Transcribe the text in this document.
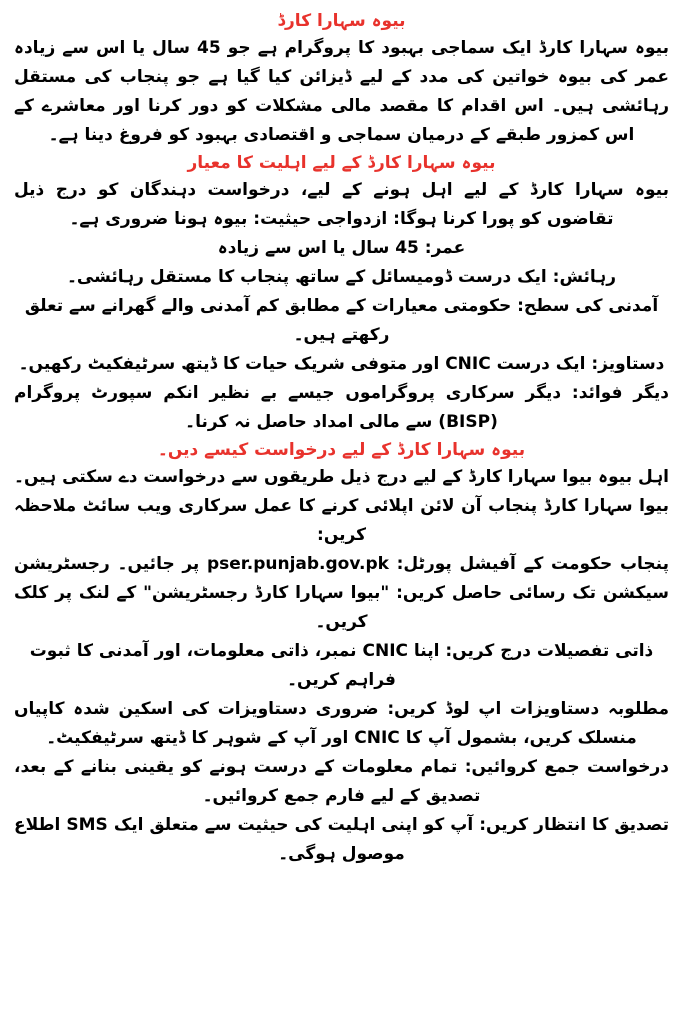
بیوہ سہارا کارڈ

بیوہ سہارا کارڈ ایک سماجی بہبود کا پروگرام ہے جو 45 سال یا اس سے زیادہ عمر کی بیوہ خواتین کی مدد کے لیے ڈیزائن کیا گیا ہے جو پنجاب کی مستقل رہائشی ہیں۔ اس اقدام کا مقصد مالی مشکلات کو دور کرنا اور معاشرے کے اس کمزور طبقے کے درمیان سماجی و اقتصادی بہبود کو فروغ دینا ہے۔

بیوہ سہارا کارڈ کے لیے اہلیت کا معیار

بیوہ سہارا کارڈ کے لیے اہل ہونے کے لیے، درخواست دہندگان کو درج ذیل تقاضوں کو پورا کرنا ہوگا: ازدواجی حیثیت: بیوہ ہونا ضروری ہے۔

عمر: 45 سال یا اس سے زیادہ

رہائش: ایک درست ڈومیسائل کے ساتھ پنجاب کا مستقل رہائشی۔

آمدنی کی سطح: حکومتی معیارات کے مطابق کم آمدنی والے گھرانے سے تعلق رکھتے ہیں۔

دستاویز: ایک درست CNIC اور متوفی شریک حیات کا ڈیتھ سرٹیفکیٹ رکھیں۔

دیگر فوائد: دیگر سرکاری پروگراموں جیسے بے نظیر انکم سپورٹ پروگرام (BISP) سے مالی امداد حاصل نہ کرنا۔

بیوہ سہارا کارڈ کے لیے درخواست کیسے دیں۔

اہل بیوہ بیوا سہارا کارڈ کے لیے درج ذیل طریقوں سے درخواست دے سکتی ہیں۔ بیوا سہارا کارڈ پنجاب آن لائن اپلائی کرنے کا عمل سرکاری ویب سائٹ ملاحظہ کریں:

پنجاب حکومت کے آفیشل پورٹل: pser.punjab.gov.pk پر جائیں۔ رجسٹریشن سیکشن تک رسائی حاصل کریں: "بیوا سہارا کارڈ رجسٹریشن" کے لنک پر کلک کریں۔

ذاتی تفصیلات درج کریں: اپنا CNIC نمبر، ذاتی معلومات، اور آمدنی کا ثبوت فراہم کریں۔

مطلوبہ دستاویزات اپ لوڈ کریں: ضروری دستاویزات کی اسکین شدہ کاپیاں منسلک کریں، بشمول آپ کا CNIC اور آپ کے شوہر کا ڈیتھ سرٹیفکیٹ۔

درخواست جمع کروائیں: تمام معلومات کے درست ہونے کو یقینی بنانے کے بعد، تصدیق کے لیے فارم جمع کروائیں۔

تصدیق کا انتظار کریں: آپ کو اپنی اہلیت کی حیثیت سے متعلق ایک SMS اطلاع موصول ہوگی۔
